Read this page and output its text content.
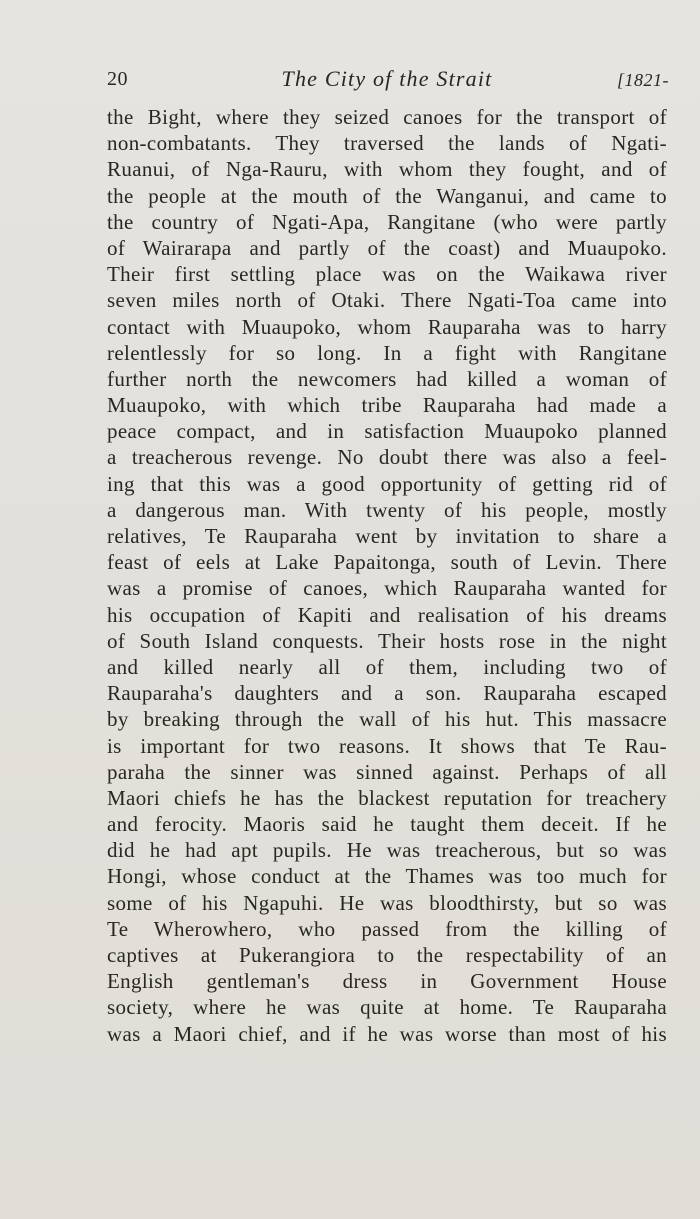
20	The City of the Strait	[1821-
the Bight, where they seized canoes for the transport of
non-combatants. They traversed the lands of Ngati-
Ruanui, of Nga-Rauru, with whom they fought, and of
the people at the mouth of the Wanganui, and came to
the country of Ngati-Apa, Rangitane (who were partly
of Wairarapa and partly of the coast) and Muaupoko.
Their first settling place was on the Waikawa river
seven miles north of Otaki. There Ngati-Toa came into
contact with Muaupoko, whom Rauparaha was to harry
relentlessly for so long. In a fight with Rangitane
further north the newcomers had killed a woman of
Muaupoko, with which tribe Rauparaha had made a
peace compact, and in satisfaction Muaupoko planned
a treacherous revenge. No doubt there was also a feel-
ing that this was a good opportunity of getting rid of
a dangerous man. With twenty of his people, mostly
relatives, Te Rauparaha went by invitation to share a
feast of eels at Lake Papaitonga, south of Levin. There
was a promise of canoes, which Rauparaha wanted for
his occupation of Kapiti and realisation of his dreams
of South Island conquests. Their hosts rose in the night
and killed nearly all of them, including two of
Rauparaha's daughters and a son. Rauparaha escaped
by breaking through the wall of his hut. This massacre
is important for two reasons. It shows that Te Rau-
paraha the sinner was sinned against. Perhaps of all
Maori chiefs he has the blackest reputation for treachery
and ferocity. Maoris said he taught them deceit. If he
did he had apt pupils. He was treacherous, but so was
Hongi, whose conduct at the Thames was too much for
some of his Ngapuhi. He was bloodthirsty, but so was
Te Wherowhero, who passed from the killing of
captives at Pukerangiora to the respectability of an
English gentleman's dress in Government House
society, where he was quite at home. Te Rauparaha
was a Maori chief, and if he was worse than most of his
